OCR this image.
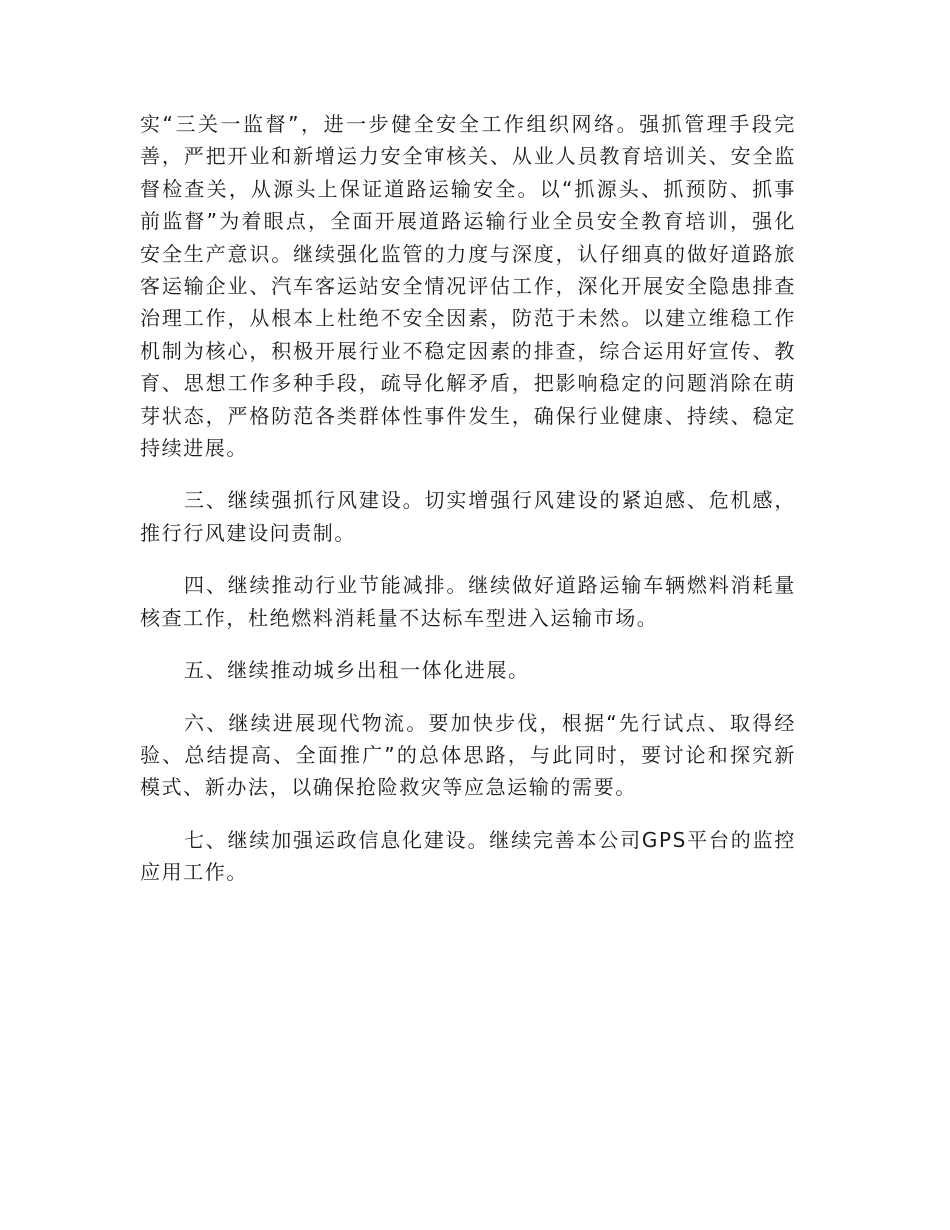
实“三关一监督”，进一步健全安全工作组织网络。强抓管理手段完善，严把开业和新增运力安全审核关、从业人员教育培训关、安全监督检查关，从源头上保证道路运输安全。以“抓源头、抓预防、抓事前监督”为着眼点，全面开展道路运输行业全员安全教育培训，强化安全生产意识。继续强化监管的力度与深度，认仔细真的做好道路旅客运输企业、汽车客运站安全情况评估工作，深化开展安全隐患排查治理工作，从根本上杜绝不安全因素，防范于未然。以建立维稳工作机制为核心，积极开展行业不稳定因素的排查，综合运用好宣传、教育、思想工作多种手段，疏导化解矛盾，把影响稳定的问题消除在萌芽状态，严格防范各类群体性事件发生，确保行业健康、持续、稳定持续进展。

三、继续强抓行风建设。切实增强行风建设的紧迫感、危机感，推行行风建设问责制。

四、继续推动行业节能减排。继续做好道路运输车辆燃料消耗量核查工作，杜绝燃料消耗量不达标车型进入运输市场。

五、继续推动城乡出租一体化进展。

六、继续进展现代物流。要加快步伐，根据“先行试点、取得经验、总结提高、全面推广”的总体思路，与此同时，要讨论和探究新模式、新办法，以确保抢险救灾等应急运输的需要。

七、继续加强运政信息化建设。继续完善本公司GPS平台的监控应用工作。
